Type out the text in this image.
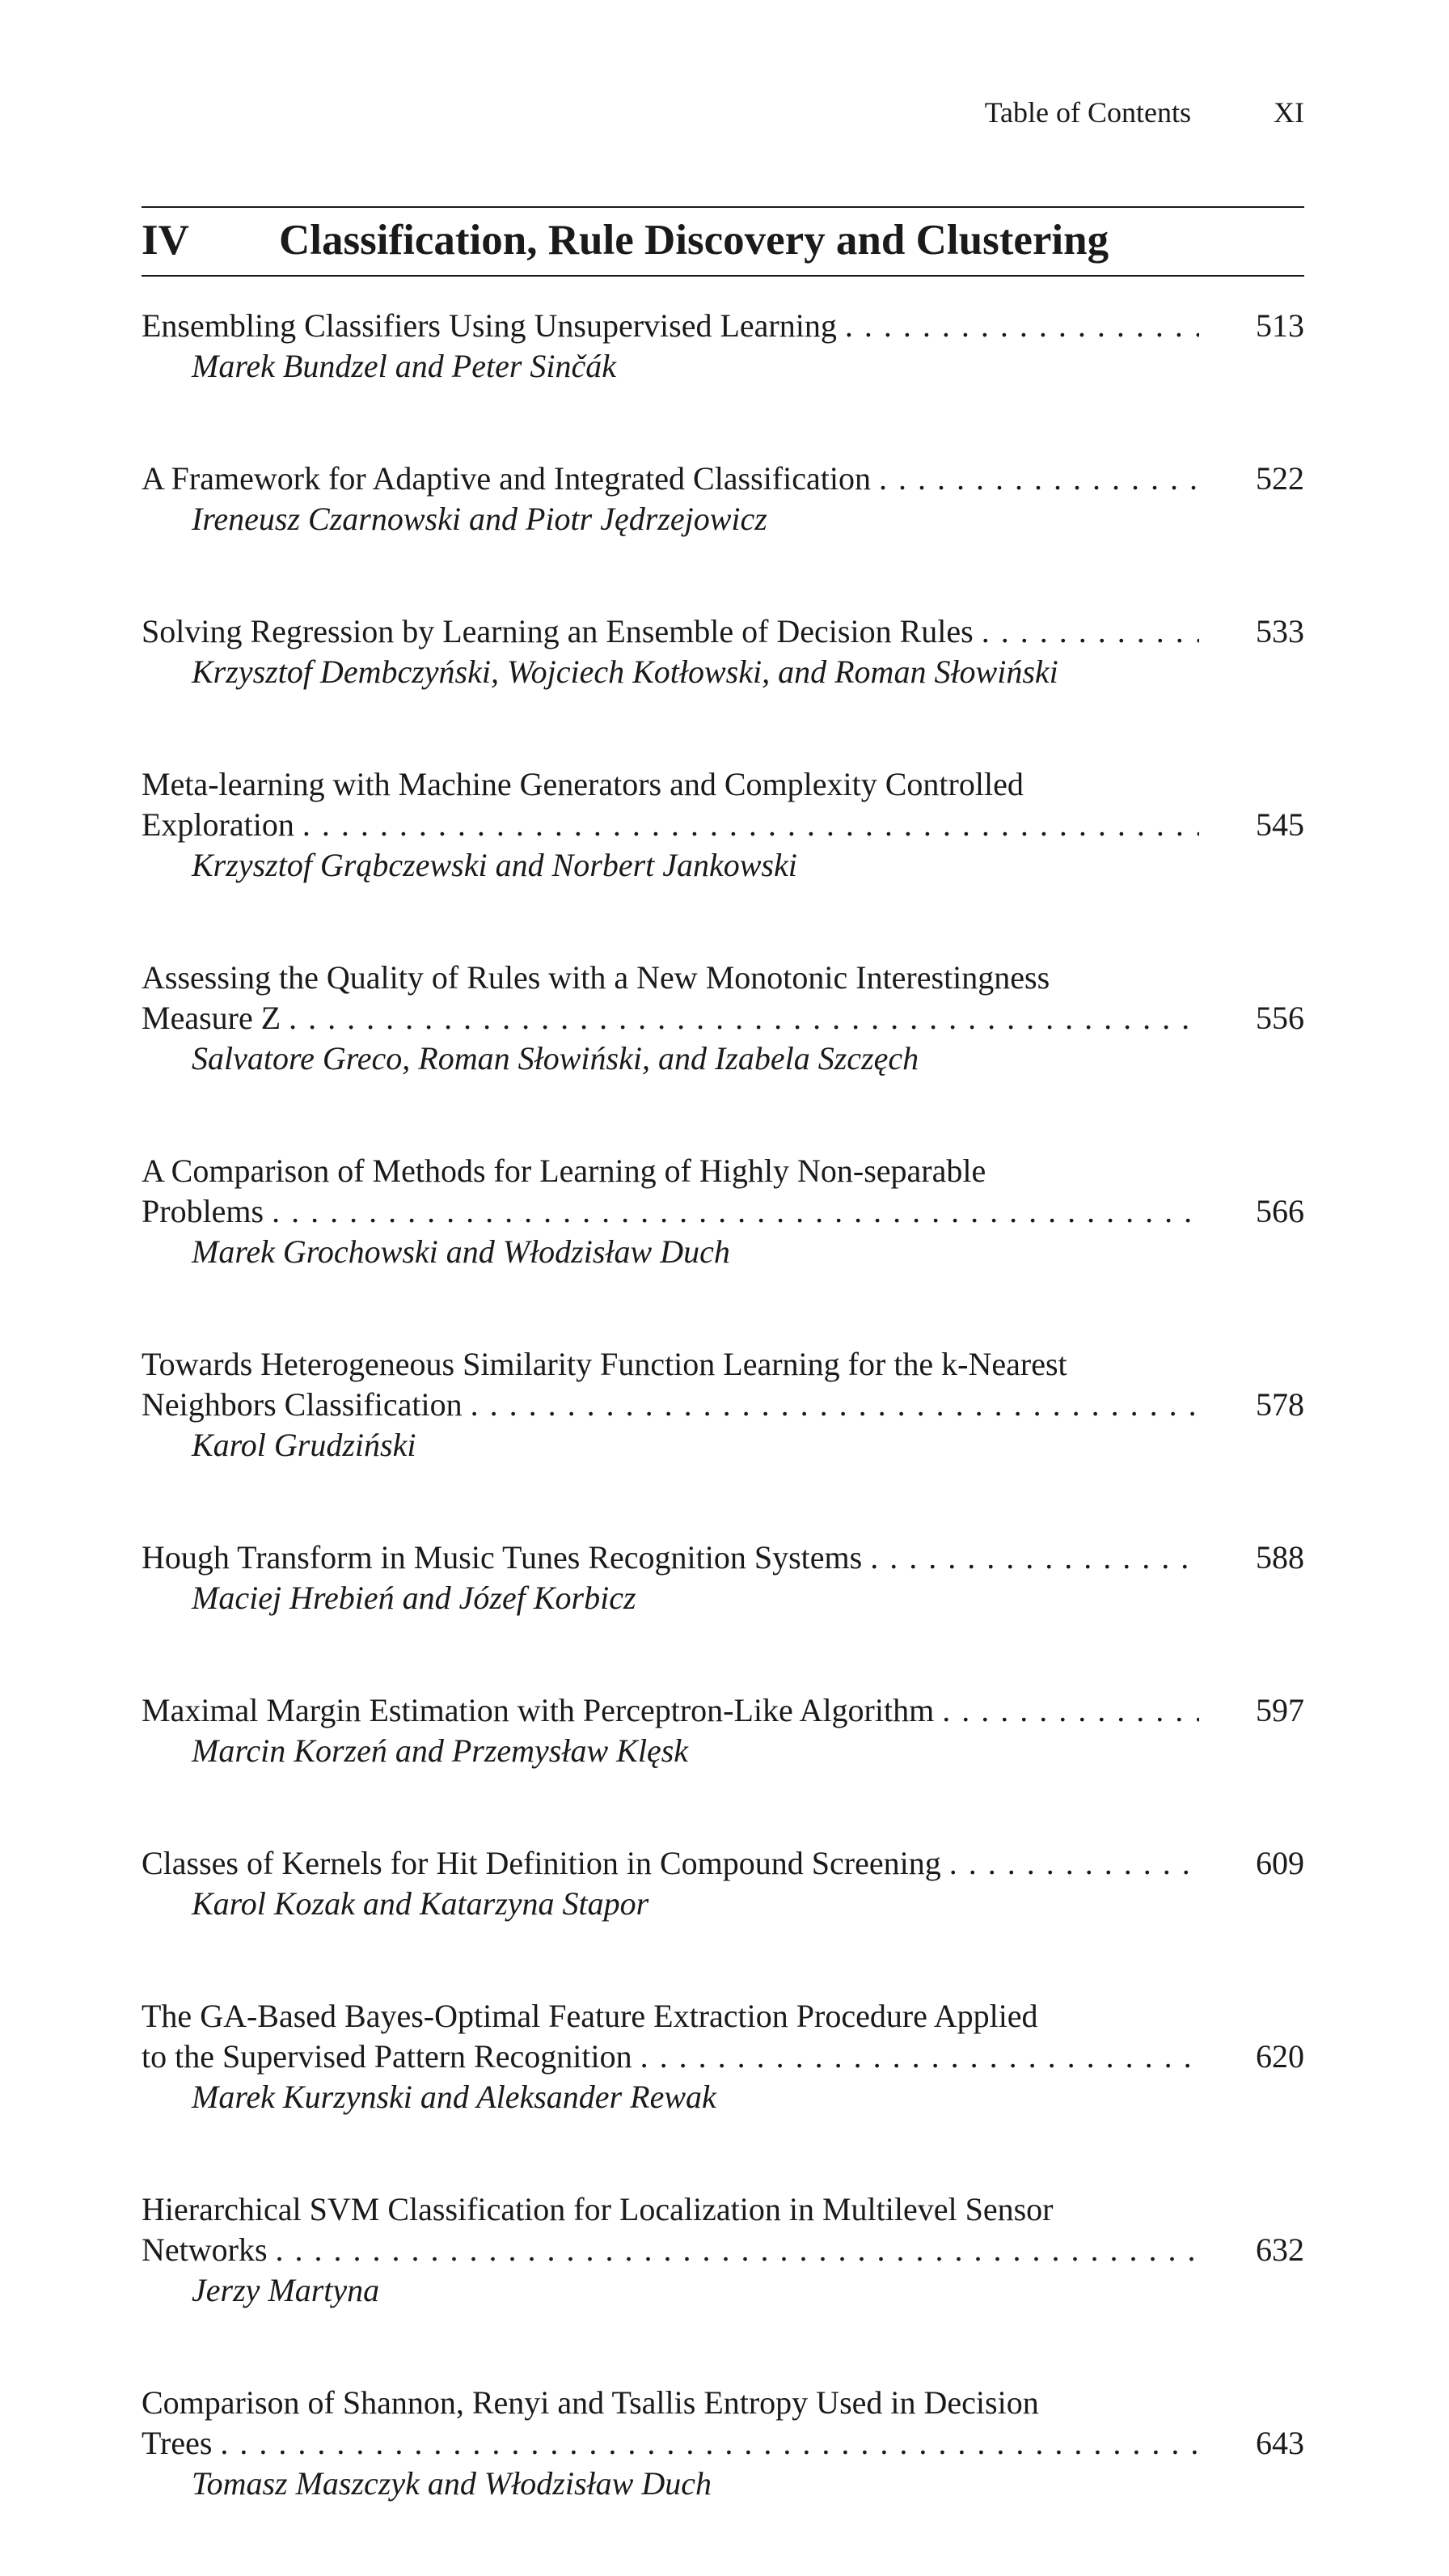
Table of Contents	XI
IV Classification, Rule Discovery and Clustering
Ensembling Classifiers Using Unsupervised Learning . . .	513
Marek Bundzel and Peter Sinčák
A Framework for Adaptive and Integrated Classification . . .	522
Ireneusz Czarnowski and Piotr Jędrzejowicz
Solving Regression by Learning an Ensemble of Decision Rules . . .	533
Krzysztof Dembczyński, Wojciech Kotłowski, and Roman Słowiński
Meta-learning with Machine Generators and Complexity Controlled
Exploration . . .	545
Krzysztof Grąbczewski and Norbert Jankowski
Assessing the Quality of Rules with a New Monotonic Interestingness
Measure Z . . .	556
Salvatore Greco, Roman Słowiński, and Izabela Szczęch
A Comparison of Methods for Learning of Highly Non-separable
Problems . . .	566
Marek Grochowski and Włodzisław Duch
Towards Heterogeneous Similarity Function Learning for the k-Nearest
Neighbors Classification . . .	578
Karol Grudziński
Hough Transform in Music Tunes Recognition Systems . . .	588
Maciej Hrebień and Józef Korbicz
Maximal Margin Estimation with Perceptron-Like Algorithm . . .	597
Marcin Korzeń and Przemysław Klęsk
Classes of Kernels for Hit Definition in Compound Screening . . .	609
Karol Kozak and Katarzyna Stapor
The GA-Based Bayes-Optimal Feature Extraction Procedure Applied
to the Supervised Pattern Recognition . . .	620
Marek Kurzynski and Aleksander Rewak
Hierarchical SVM Classification for Localization in Multilevel Sensor
Networks . . .	632
Jerzy Martyna
Comparison of Shannon, Renyi and Tsallis Entropy Used in Decision
Trees . . .	643
Tomasz Maszczyk and Włodzisław Duch
